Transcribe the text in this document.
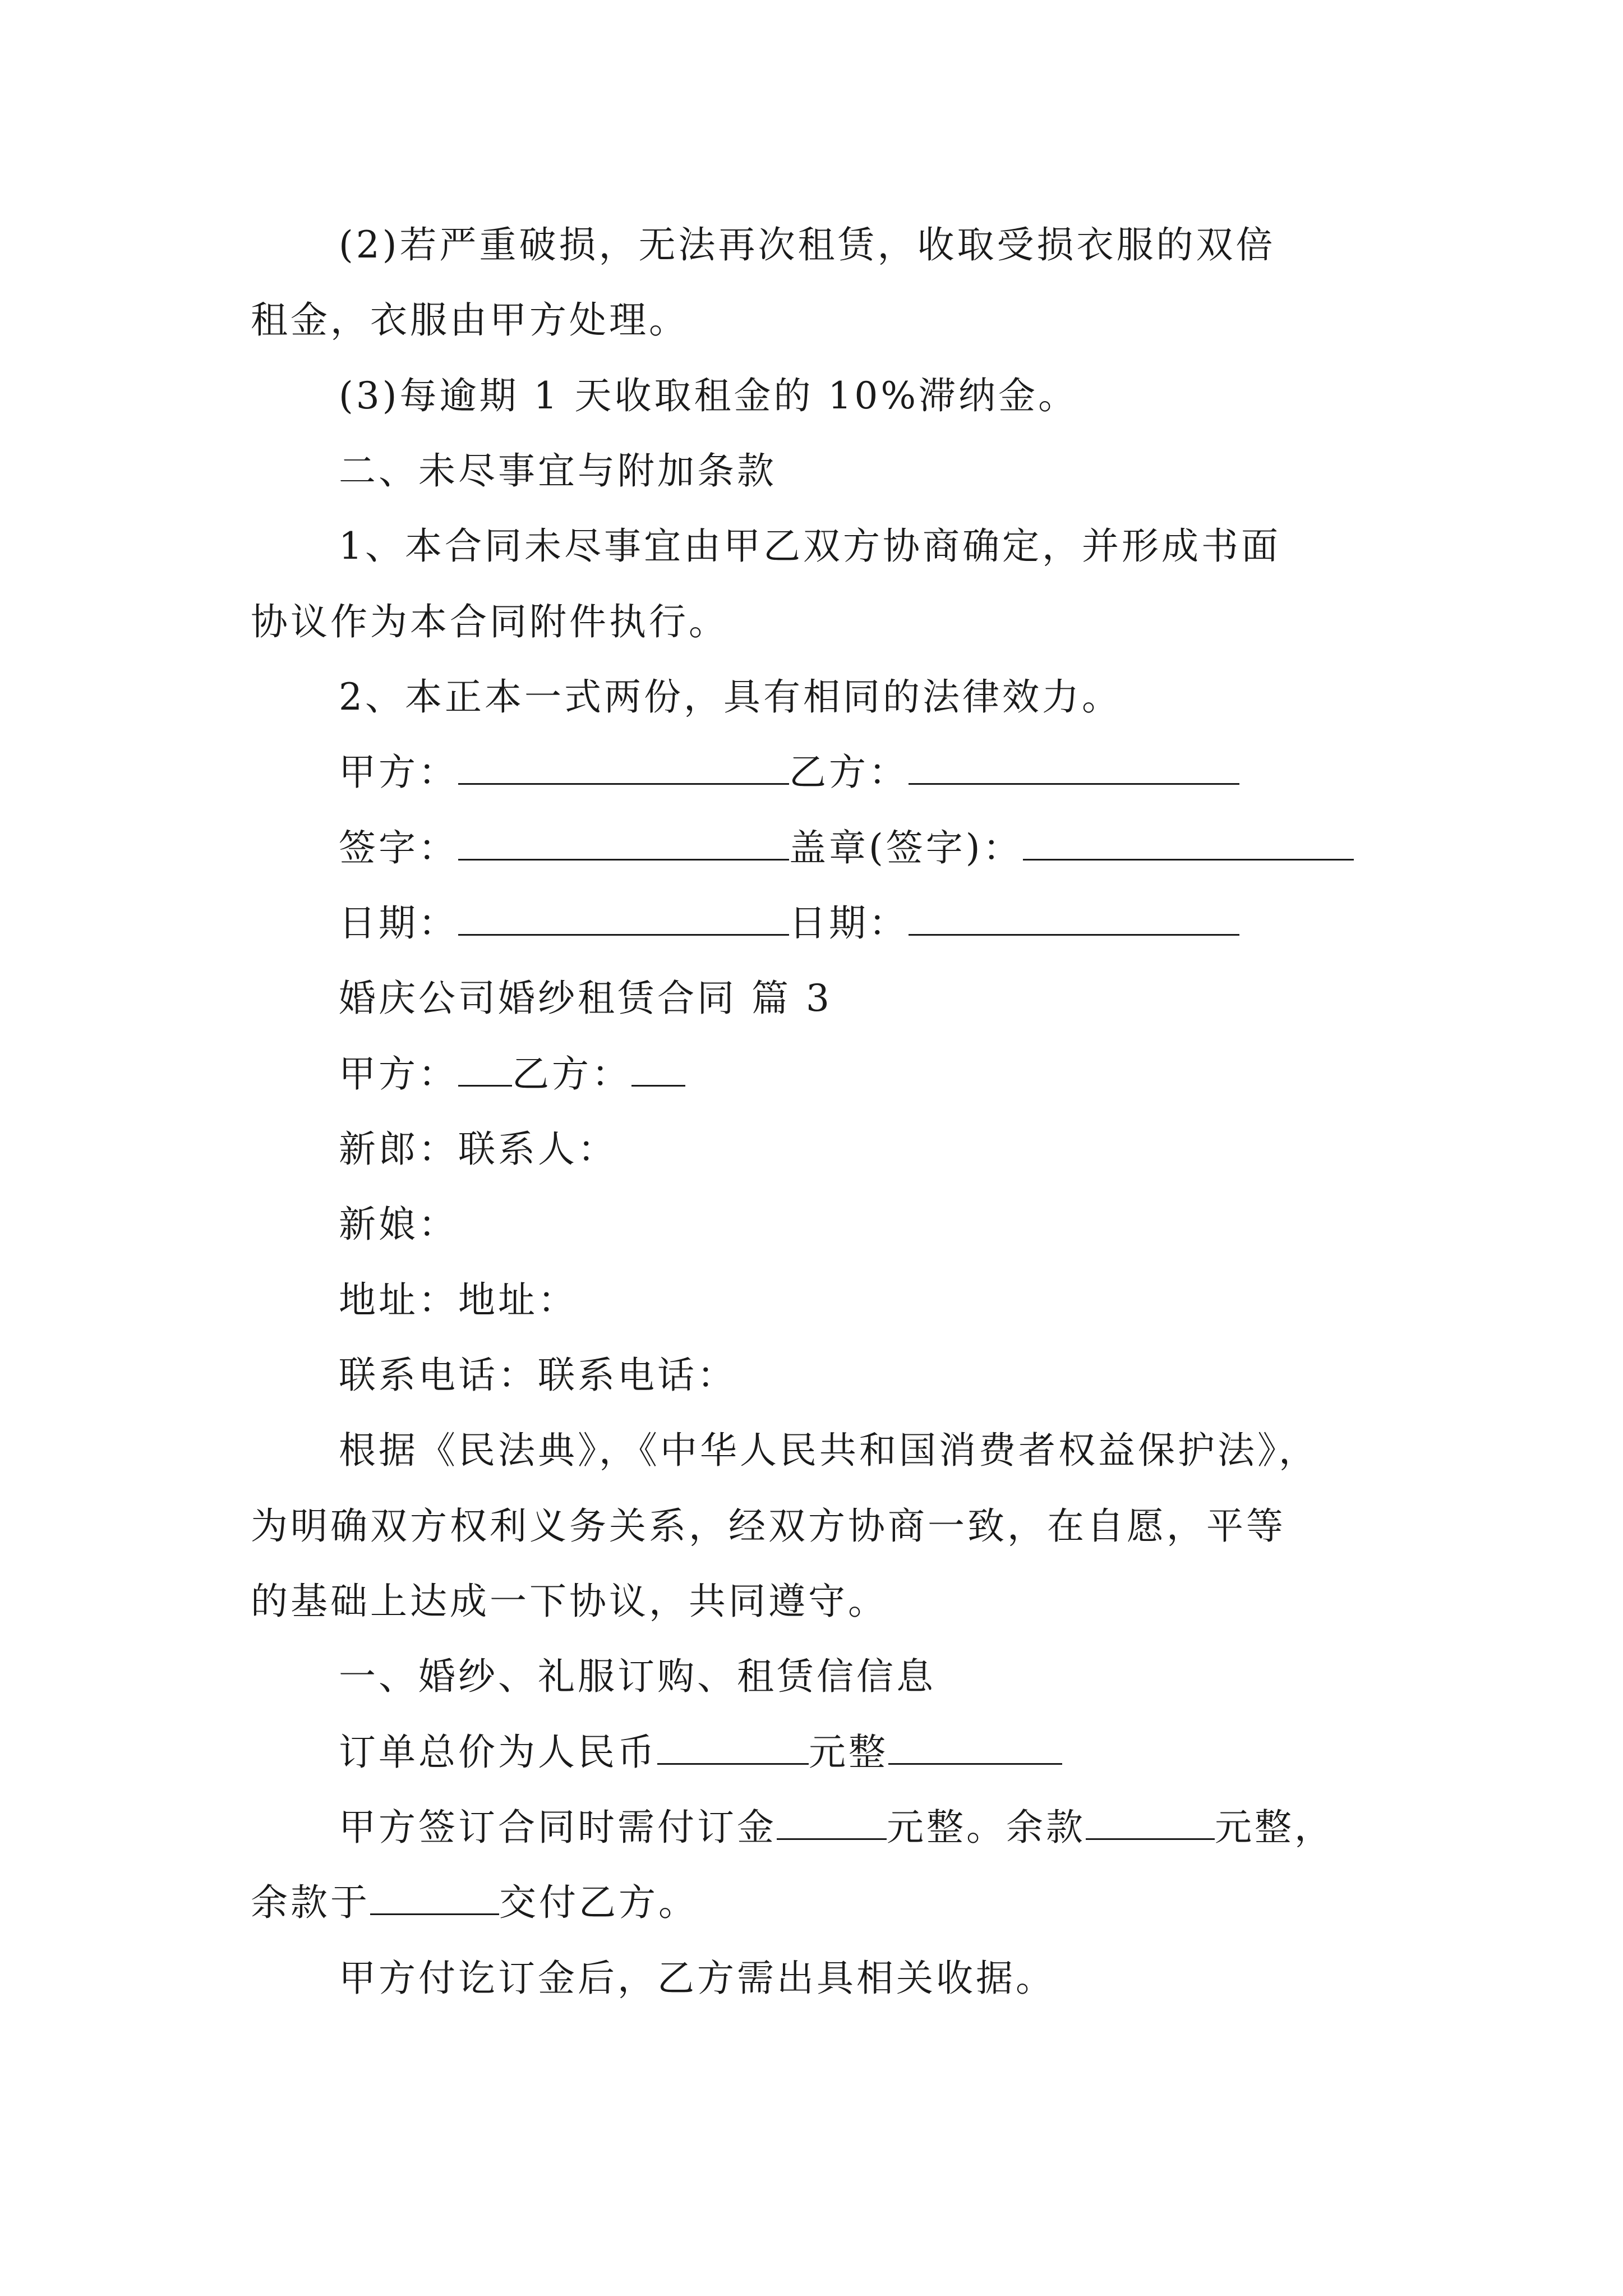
(2)若严重破损，无法再次租赁，收取受损衣服的双倍
租金，衣服由甲方处理。
(3)每逾期 1 天收取租金的 10%滞纳金。
二、未尽事宜与附加条款
1、本合同未尽事宜由甲乙双方协商确定，并形成书面
协议作为本合同附件执行。
2、本正本一式两份，具有相同的法律效力。
甲方：	乙方：
签字：	盖章(签字)：
日期：	日期：
婚庆公司婚纱租赁合同 篇 3
甲方： 乙方：
新郎：联系人：
新娘：
地址：地址：
联系电话：联系电话：
根据《民法典》，《中华人民共和国消费者权益保护法》，
为明确双方权利义务关系，经双方协商一致，在自愿，平等
的基础上达成一下协议，共同遵守。
一、婚纱、礼服订购、租赁信信息
订单总价为人民币	元整
甲方签订合同时需付订金	元整。余款	元整，
余款于	交付乙方。
甲方付讫订金后，乙方需出具相关收据。
